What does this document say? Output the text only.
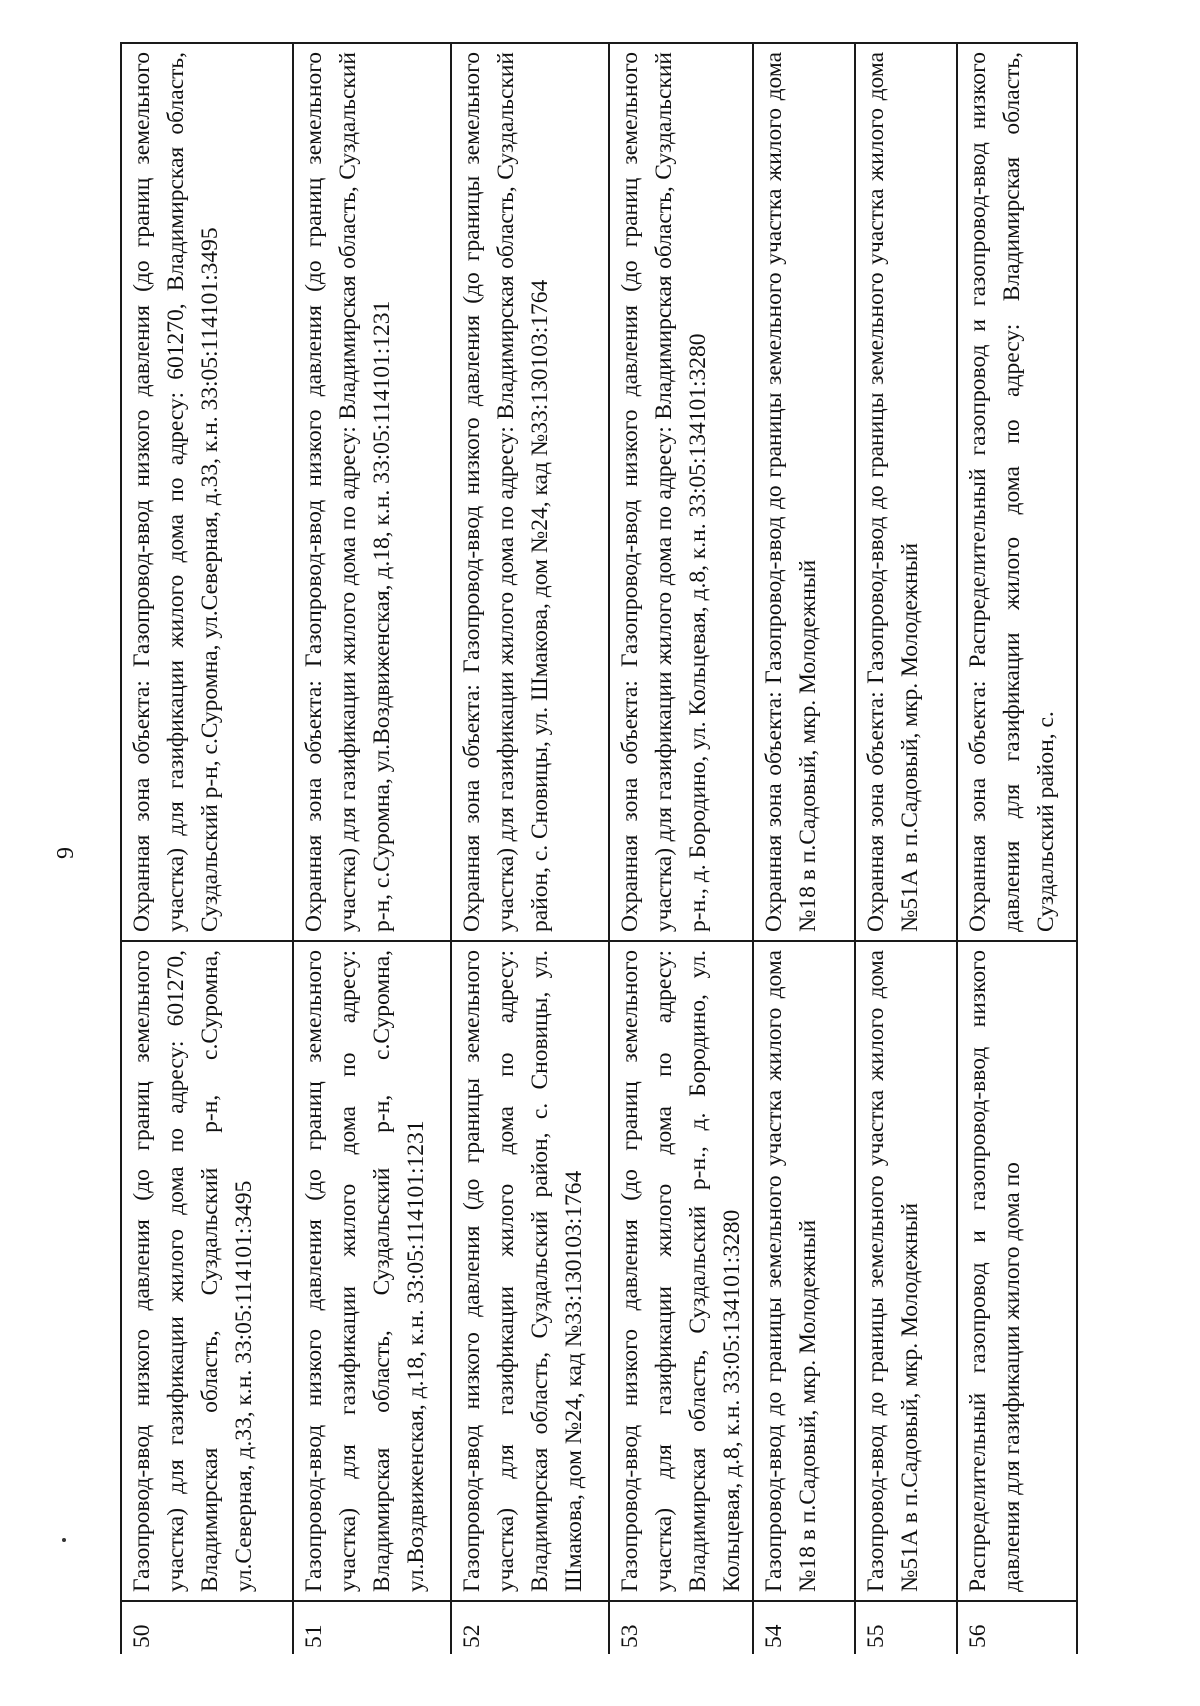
9
50
Газопровод-ввод низкого давления (до границ земельного участка) для газификации жилого дома по адресу: 601270, Владимирская область, Суздальский р-н, с.Суромна, ул.Северная, д.33, к.н. 33:05:114101:3495
Охранная зона объекта: Газопровод-ввод низкого давления (до границ земельного участка) для газификации жилого дома по адресу: 601270, Владимирская область, Суздальский р-н, с.Суромна, ул.Северная, д.33, к.н. 33:05:114101:3495
51
Газопровод-ввод низкого давления (до границ земельного участка) для газификации жилого дома по адресу: Владимирская область, Суздальский р-н, с.Суромна, ул.Воздвиженская, д.18, к.н. 33:05:114101:1231
Охранная зона объекта: Газопровод-ввод низкого давления (до границ земельного участка) для газификации жилого дома по адресу: Владимирская область, Суздальский р-н, с.Суромна, ул.Воздвиженская, д.18, к.н. 33:05:114101:1231
52
Газопровод-ввод низкого давления (до границы земельного участка) для газификации жилого дома по адресу: Владимирская область, Суздальский район, с. Сновицы, ул. Шмакова, дом №24, кад №33:130103:1764
Охранная зона объекта: Газопровод-ввод низкого давления (до границы земельного участка) для газификации жилого дома по адресу: Владимирская область, Суздальский район, с. Сновицы, ул. Шмакова, дом №24, кад №33:130103:1764
53
Газопровод-ввод низкого давления (до границ земельного участка) для газификации жилого дома по адресу: Владимирская область, Суздальский р-н., д. Бородино, ул. Кольцевая, д.8, к.н. 33:05:134101:3280
Охранная зона объекта: Газопровод-ввод низкого давления (до границ земельного участка) для газификации жилого дома по адресу: Владимирская область, Суздальский р-н., д. Бородино, ул. Кольцевая, д.8, к.н. 33:05:134101:3280
54
Газопровод-ввод до границы земельного участка жилого дома №18 в п.Садовый, мкр. Молодежный
Охранная зона объекта: Газопровод-ввод до границы земельного участка жилого дома №18 в п.Садовый, мкр. Молодежный
55
Газопровод-ввод до границы земельного участка жилого дома №51А в п.Садовый, мкр. Молодежный
Охранная зона объекта: Газопровод-ввод до границы земельного участка жилого дома №51А в п.Садовый, мкр. Молодежный
56
Распределительный газопровод и газопровод-ввод низкого давления для газификации жилого дома по
Охранная зона объекта: Распределительный газопровод и газопровод-ввод низкого давления для газификации жилого дома по адресу: Владимирская область, Суздальский район, с.
